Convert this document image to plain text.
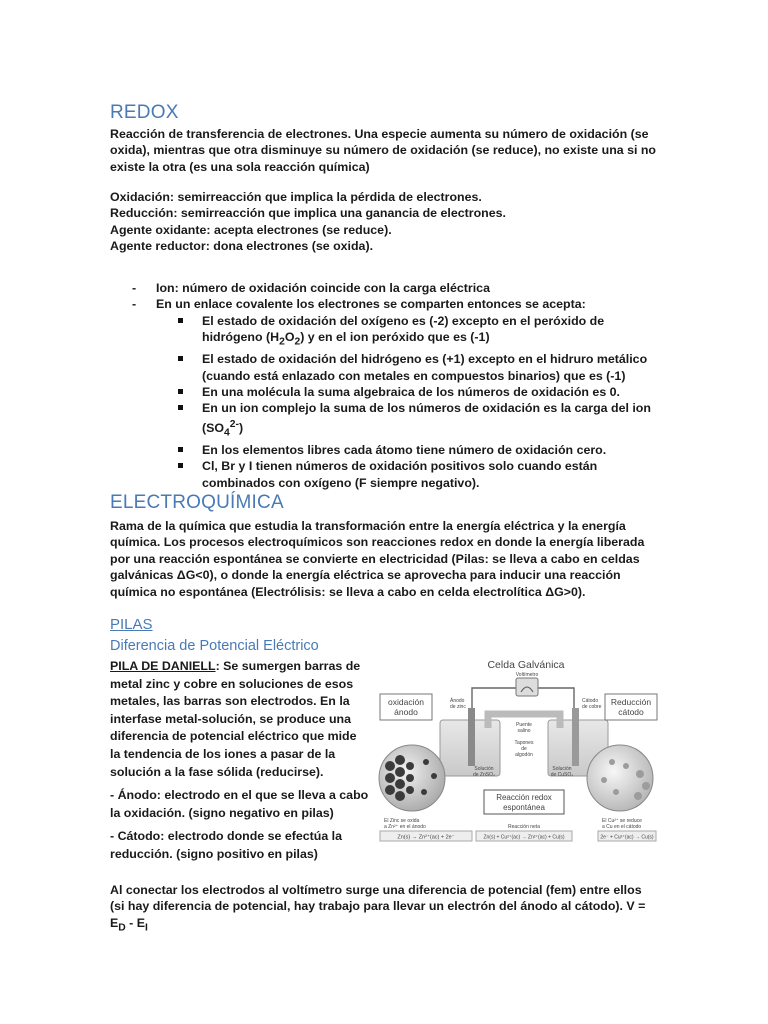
REDOX

Reacción de transferencia de electrones. Una especie aumenta su número de oxidación (se oxida), mientras que otra disminuye su número de oxidación (se reduce), no existe una si no existe la otra (es una sola reacción química)

Oxidación: semirreacción que implica la pérdida de electrones.
Reducción: semirreacción que implica una ganancia de electrones.
Agente oxidante: acepta electrones (se reduce).
Agente reductor: dona electrones (se oxida).
- Ion: número de oxidación coincide con la carga eléctrica
- En un enlace covalente los electrones se comparten entonces se acepta:
El estado de oxidación del oxígeno es (-2) excepto en el peróxido de hidrógeno $(H_2O_2)$ y en el ion peróxido que es (-1)
El estado de oxidación del hidrógeno es (+1) excepto en el hidruro metálico (cuando está enlazado con metales en compuestos binarios) que es (-1)
En una molécula la suma algebraica de los números de oxidación es 0.
En un ion complejo la suma de los números de oxidación es la carga del ion $(SO_4^{2-})$
En los elementos libres cada átomo tiene número de oxidación cero.
Cl, Br y I tienen números de oxidación positivos solo cuando están combinados con oxígeno (F siempre negativo).
ELECTROQUÍMICA

Rama de la química que estudia la transformación entre la energía eléctrica y la energía química. Los procesos electroquímicos son reacciones redox en donde la energía liberada por una reacción espontánea se convierte en electricidad (Pilas: se lleva a cabo en celdas galvánicas ΔG<0), o donde la energía eléctrica se aprovecha para inducir una reacción química no espontánea (Electrólisis: se lleva a cabo en celda electrolítica ΔG>0).

PILAS
Diferencia de Potencial Eléctrico

PILA DE DANIELL: Se sumergen barras de metal zinc y cobre en soluciones de esos metales, las barras son electrodos. En la interfase metal-solución, se produce una diferencia de potencial eléctrico que mide la tendencia de los iones a pasar de la solución a la fase sólida (reducirse).

- Ánodo: electrodo en el que se lleva a cabo la oxidación. (signo negativo en pilas)

- Cátodo: electrodo donde se efectúa la reducción. (signo positivo en pilas)

Celda Galvánica
Voltímetro
oxidación
ánodo
Reducción
cátodo
Ánodo
de zinc
Cátodo
de cobre
Puente
salino
Tapones
de
algodón
Solución
de ZnSO₄
Solución
de CuSO₄
Reacción redox
espontánea
El Zinc se oxida
a Zn²⁺ en el ánodo
Zn(s) → Zn²⁺(ac) + 2e⁻
El Cu²⁺ se reduce
a Cu en el cátodo
2e⁻ + Cu²⁺(ac) → Cu(s)
Reacción neta
Zn(s) + Cu²⁺(ac) → Zn²⁺(ac) + Cu(s)

Al conectar los electrodos al voltímetro surge una diferencia de potencial (fem) entre ellos (si hay diferencia de potencial, hay trabajo para llevar un electrón del ánodo al cátodo). $V = E_D - E_I$
